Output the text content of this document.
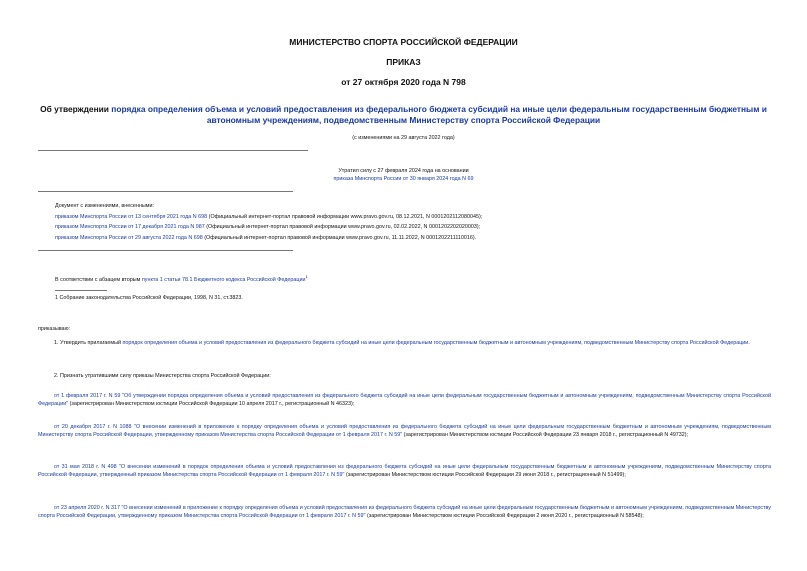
МИНИСТЕРСТВО СПОРТА РОССИЙСКОЙ ФЕДЕРАЦИИ
ПРИКАЗ
от 27 октября 2020 года N 798
Об утверждении порядка определения объема и условий предоставления из федерального бюджета субсидий на иные цели федеральным государственным бюджетным и автономным учреждениям, подведомственным Министерству спорта Российской Федерации
(с изменениями на 29 августа 2022 года)
Утратил силу с 27 февраля 2024 года на основании
приказа Минспорта России от 30 января 2024 года N 69
Документ с изменениями, внесенными:
приказом Минспорта России от 13 сентября 2021 года N 698 (Официальный интернет-портал правовой информации www.pravo.gov.ru, 08.12.2021, N 0001202112080045);
приказом Минспорта России от 17 декабря 2021 года N 987 (Официальный интернет-портал правовой информации www.pravo.gov.ru, 02.02.2022, N 0001202202020003);
приказом Минспорта России от 29 августа 2022 года N 698 (Официальный интернет-портал правовой информации www.pravo.gov.ru, 11.11.2022, N 0001202211110016).
В соответствии с абзацем вторым пункта 1 статьи 78.1 Бюджетного кодекса Российской Федерации$^1$
1 Собрание законодательства Российской Федерации, 1998, N 31, ст.3823.
приказываю:
1. Утвердить прилагаемый порядок определения объема и условий предоставления из федерального бюджета субсидий на иные цели федеральным государственным бюджетным и автономным учреждениям, подведомственным Министерству спорта Российской Федерации.
2. Признать утратившими силу приказы Министерства спорта Российской Федерации:
от 1 февраля 2017 г. N 59 "Об утверждении порядка определения объема и условий предоставления из федерального бюджета субсидий на иные цели федеральным государственным бюджетным и автономным учреждениям, подведомственным Министерству спорта Российской Федерации" (зарегистрирован Министерством юстиции Российской Федерации 10 апреля 2017 г., регистрационный N 46323);
от 20 декабря 2017 г. N 1088 "О внесении изменений в приложение к порядку определения объема и условий предоставления из федерального бюджета субсидий на иные цели федеральным государственным бюджетным и автономным учреждениям, подведомственным Министерству спорта Российской Федерации, утвержденному приказом Министерства спорта Российской Федерации от 1 февраля 2017 г. N 59" (зарегистрирован Министерством юстиции Российской Федерации 23 января 2018 г., регистрационный N 49732);
от 31 мая 2018 г. N 498 "О внесении изменений в порядок определения объема и условий предоставления из федерального бюджета субсидий на иные цели федеральным государственным бюджетным и автономным учреждениям, подведомственным Министерству спорта Российской Федерации, утвержденный приказом Министерства спорта Российской Федерации от 1 февраля 2017 г. N 59" (зарегистрирован Министерством юстиции Российской Федерации 29 июня 2018 г., регистрационный N 51499);
от 23 апреля 2020 г. N 317 "О внесении изменений в приложение к порядку определения объема и условий предоставления из федерального бюджета субсидий на иные цели федеральным государственным бюджетным и автономным учреждениям, подведомственным Министерству спорта Российской Федерации, утвержденному приказом Министерства спорта Российской Федерации от 1 февраля 2017 г. N 59" (зарегистрирован Министерством юстиции Российской Федерации 2 июня 2020 г., регистрационный N 58548);
